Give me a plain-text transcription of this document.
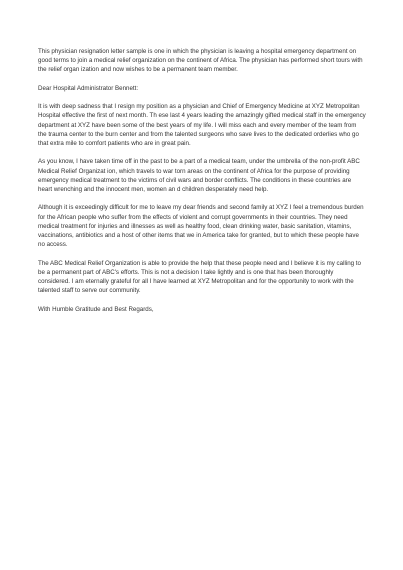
This physician resignation letter sample is one in which the physician is leaving a hospital emergency department on good terms to join a medical relief organization on the continent of Africa. The physician has performed short tours with the relief organ ization and now wishes to be a permanent team member.

Dear Hospital Administrator Bennett:

It is with deep sadness that I resign my position as a physician and Chief of Emergency Medicine at XYZ Metropolitan Hospital effective the first of next month. Th ese last 4 years leading the amazingly gifted medical staff in the emergency department at XYZ have been some of the best years of my life. I will miss each and every member of the team from the trauma center to the burn center and from the talented surgeons who save lives to the dedicated orderlies who go that extra mile to comfort patients who are in great pain.

As you know, I have taken time off in the past to be a part of a medical team, under the umbrella of the non-profit ABC Medical Relief Organizat ion, which travels to war torn areas on the continent of Africa for the purpose of providing emergency medical treatment to the victims of civil wars and border conflicts. The conditions in these countries are heart wrenching and the innocent men, women an d children desperately need help.

Although it is exceedingly difficult for me to leave my dear friends and second family at XYZ I feel a tremendous burden for the African people who suffer from the effects of violent and corrupt governments in their countries. They need medical treatment for injuries and illnesses as well as healthy food, clean drinking water, basic sanitation, vitamins, vaccinations, antibiotics and a host of other items that we in America take for granted, but to which these people have no access.

The ABC Medical Relief Organization is able to provide the help that these people need and I believe it is my calling to be a permanent part of ABC's efforts. This is not a decision I take lightly and is one that has been thoroughly considered. I am eternally grateful for all I have learned at XYZ Metropolitan and for the opportunity to work with the talented staff to serve our community.

With Humble Gratitude and Best Regards,
